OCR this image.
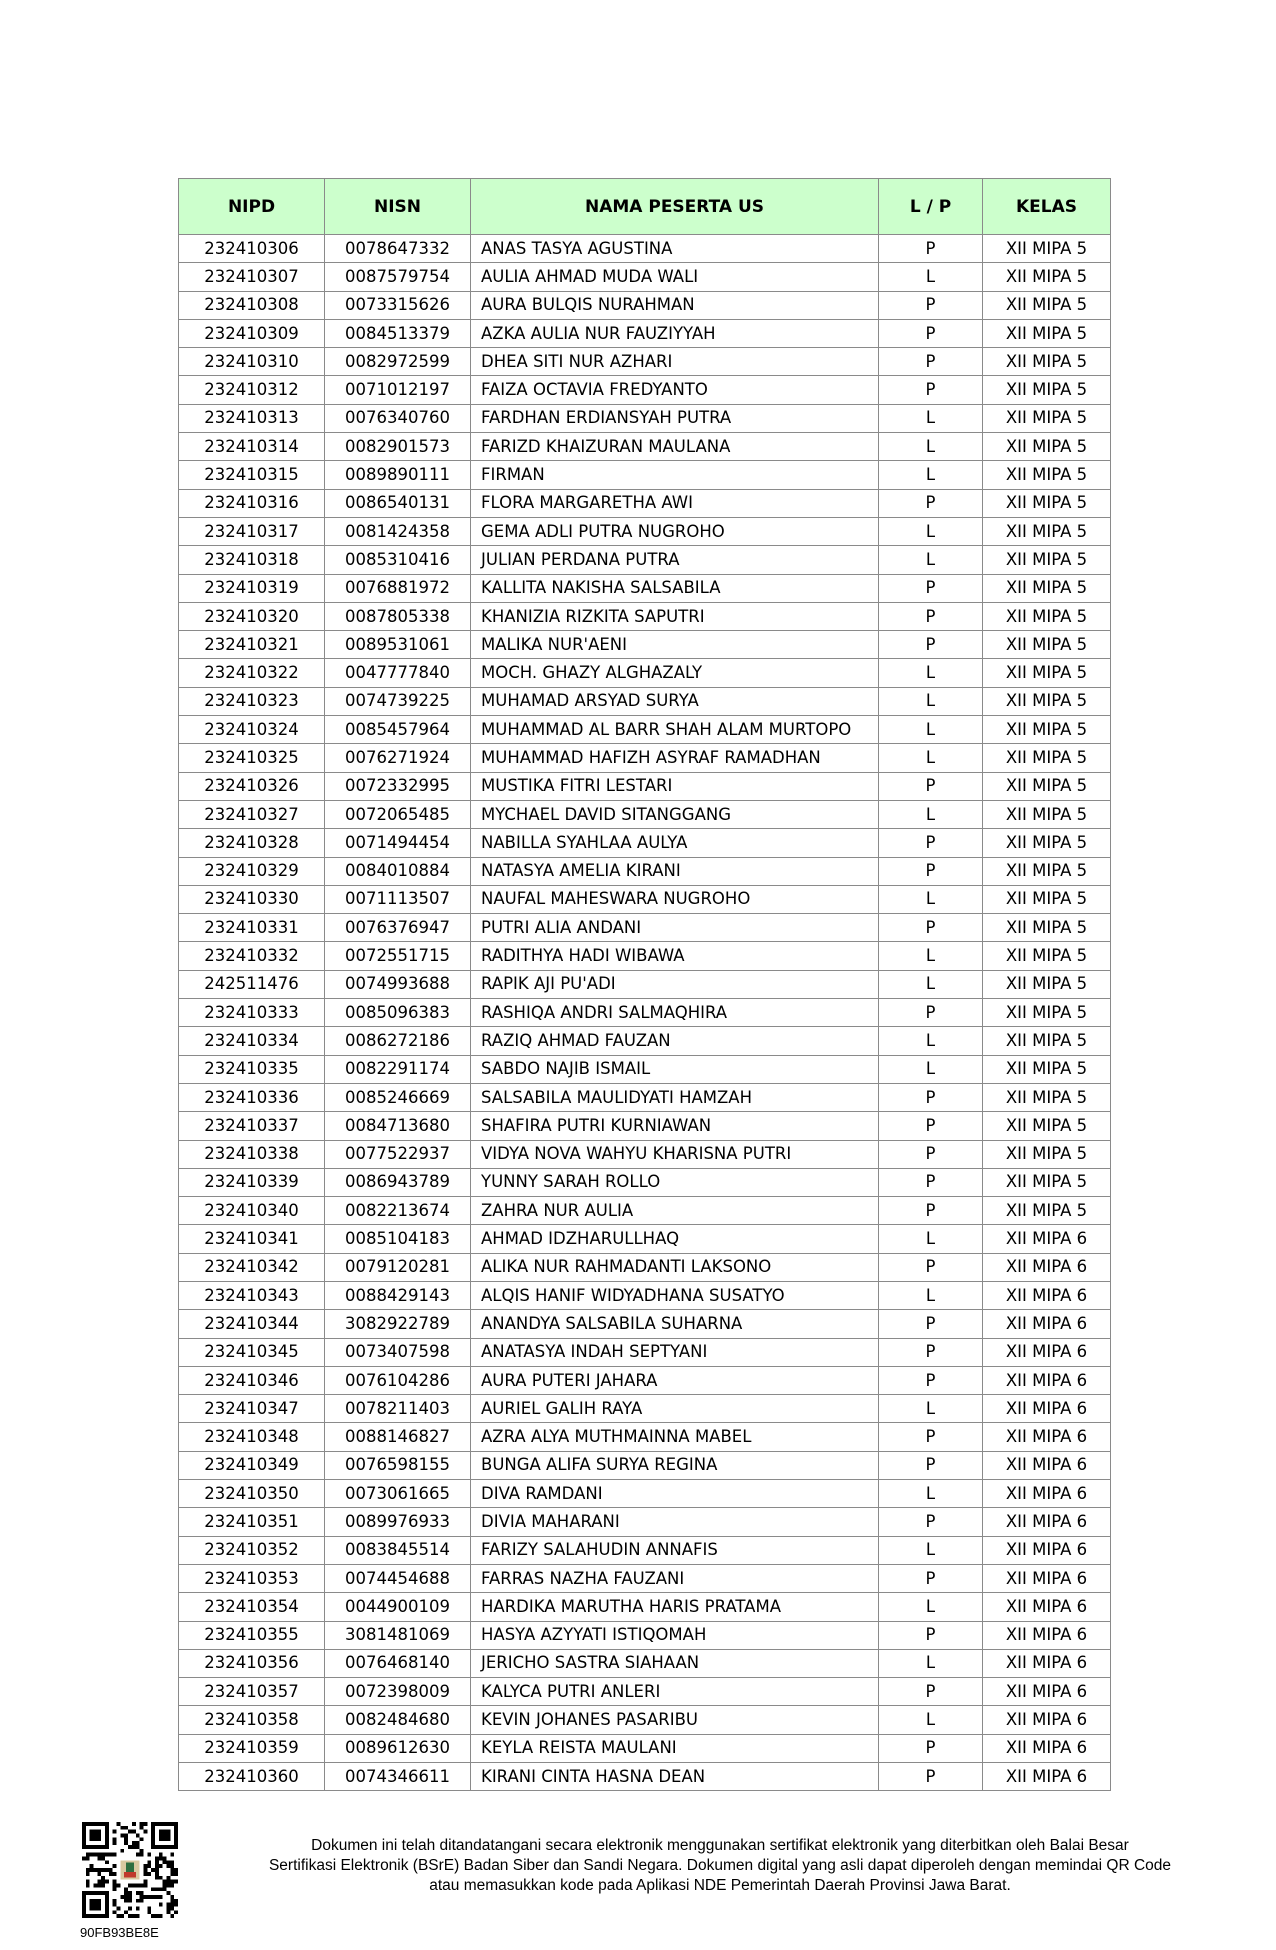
NIPD	NISN	NAMA PESERTA US	L / P	KELAS
232410306	0078647332	ANAS TASYA AGUSTINA	P	XII MIPA 5
232410307	0087579754	AULIA AHMAD MUDA WALI	L	XII MIPA 5
232410308	0073315626	AURA BULQIS NURAHMAN	P	XII MIPA 5
232410309	0084513379	AZKA AULIA NUR FAUZIYYAH	P	XII MIPA 5
232410310	0082972599	DHEA SITI NUR AZHARI	P	XII MIPA 5
232410312	0071012197	FAIZA OCTAVIA FREDYANTO	P	XII MIPA 5
232410313	0076340760	FARDHAN ERDIANSYAH PUTRA	L	XII MIPA 5
232410314	0082901573	FARIZD KHAIZURAN MAULANA	L	XII MIPA 5
232410315	0089890111	FIRMAN	L	XII MIPA 5
232410316	0086540131	FLORA MARGARETHA AWI	P	XII MIPA 5
232410317	0081424358	GEMA ADLI PUTRA NUGROHO	L	XII MIPA 5
232410318	0085310416	JULIAN PERDANA PUTRA	L	XII MIPA 5
232410319	0076881972	KALLITA NAKISHA SALSABILA	P	XII MIPA 5
232410320	0087805338	KHANIZIA RIZKITA SAPUTRI	P	XII MIPA 5
232410321	0089531061	MALIKA NUR'AENI	P	XII MIPA 5
232410322	0047777840	MOCH. GHAZY ALGHAZALY	L	XII MIPA 5
232410323	0074739225	MUHAMAD ARSYAD SURYA	L	XII MIPA 5
232410324	0085457964	MUHAMMAD AL BARR SHAH ALAM MURTOPO	L	XII MIPA 5
232410325	0076271924	MUHAMMAD HAFIZH ASYRAF RAMADHAN	L	XII MIPA 5
232410326	0072332995	MUSTIKA FITRI LESTARI	P	XII MIPA 5
232410327	0072065485	MYCHAEL DAVID SITANGGANG	L	XII MIPA 5
232410328	0071494454	NABILLA SYAHLAA AULYA	P	XII MIPA 5
232410329	0084010884	NATASYA AMELIA KIRANI	P	XII MIPA 5
232410330	0071113507	NAUFAL MAHESWARA NUGROHO	L	XII MIPA 5
232410331	0076376947	PUTRI ALIA ANDANI	P	XII MIPA 5
232410332	0072551715	RADITHYA HADI WIBAWA	L	XII MIPA 5
242511476	0074993688	RAPIK AJI PU'ADI	L	XII MIPA 5
232410333	0085096383	RASHIQA ANDRI SALMAQHIRA	P	XII MIPA 5
232410334	0086272186	RAZIQ AHMAD FAUZAN	L	XII MIPA 5
232410335	0082291174	SABDO NAJIB ISMAIL	L	XII MIPA 5
232410336	0085246669	SALSABILA MAULIDYATI HAMZAH	P	XII MIPA 5
232410337	0084713680	SHAFIRA PUTRI KURNIAWAN	P	XII MIPA 5
232410338	0077522937	VIDYA NOVA WAHYU KHARISNA PUTRI	P	XII MIPA 5
232410339	0086943789	YUNNY SARAH ROLLO	P	XII MIPA 5
232410340	0082213674	ZAHRA NUR AULIA	P	XII MIPA 5
232410341	0085104183	AHMAD IDZHARULLHAQ	L	XII MIPA 6
232410342	0079120281	ALIKA NUR RAHMADANTI LAKSONO	P	XII MIPA 6
232410343	0088429143	ALQIS HANIF WIDYADHANA SUSATYO	L	XII MIPA 6
232410344	3082922789	ANANDYA SALSABILA SUHARNA	P	XII MIPA 6
232410345	0073407598	ANATASYA INDAH SEPTYANI	P	XII MIPA 6
232410346	0076104286	AURA PUTERI JAHARA	P	XII MIPA 6
232410347	0078211403	AURIEL GALIH RAYA	L	XII MIPA 6
232410348	0088146827	AZRA ALYA MUTHMAINNA MABEL	P	XII MIPA 6
232410349	0076598155	BUNGA ALIFA SURYA REGINA	P	XII MIPA 6
232410350	0073061665	DIVA RAMDANI	L	XII MIPA 6
232410351	0089976933	DIVIA MAHARANI	P	XII MIPA 6
232410352	0083845514	FARIZY SALAHUDIN ANNAFIS	L	XII MIPA 6
232410353	0074454688	FARRAS NAZHA FAUZANI	P	XII MIPA 6
232410354	0044900109	HARDIKA MARUTHA HARIS PRATAMA	L	XII MIPA 6
232410355	3081481069	HASYA AZYYATI ISTIQOMAH	P	XII MIPA 6
232410356	0076468140	JERICHO SASTRA SIAHAAN	L	XII MIPA 6
232410357	0072398009	KALYCA PUTRI ANLERI	P	XII MIPA 6
232410358	0082484680	KEVIN JOHANES PASARIBU	L	XII MIPA 6
232410359	0089612630	KEYLA REISTA MAULANI	P	XII MIPA 6
232410360	0074346611	KIRANI CINTA HASNA DEAN	P	XII MIPA 6
90FB93BE8E
Dokumen ini telah ditandatangani secara elektronik menggunakan sertifikat elektronik yang diterbitkan oleh Balai Besar
Sertifikasi Elektronik (BSrE) Badan Siber dan Sandi Negara. Dokumen digital yang asli dapat diperoleh dengan memindai QR Code
atau memasukkan kode pada Aplikasi NDE Pemerintah Daerah Provinsi Jawa Barat.
